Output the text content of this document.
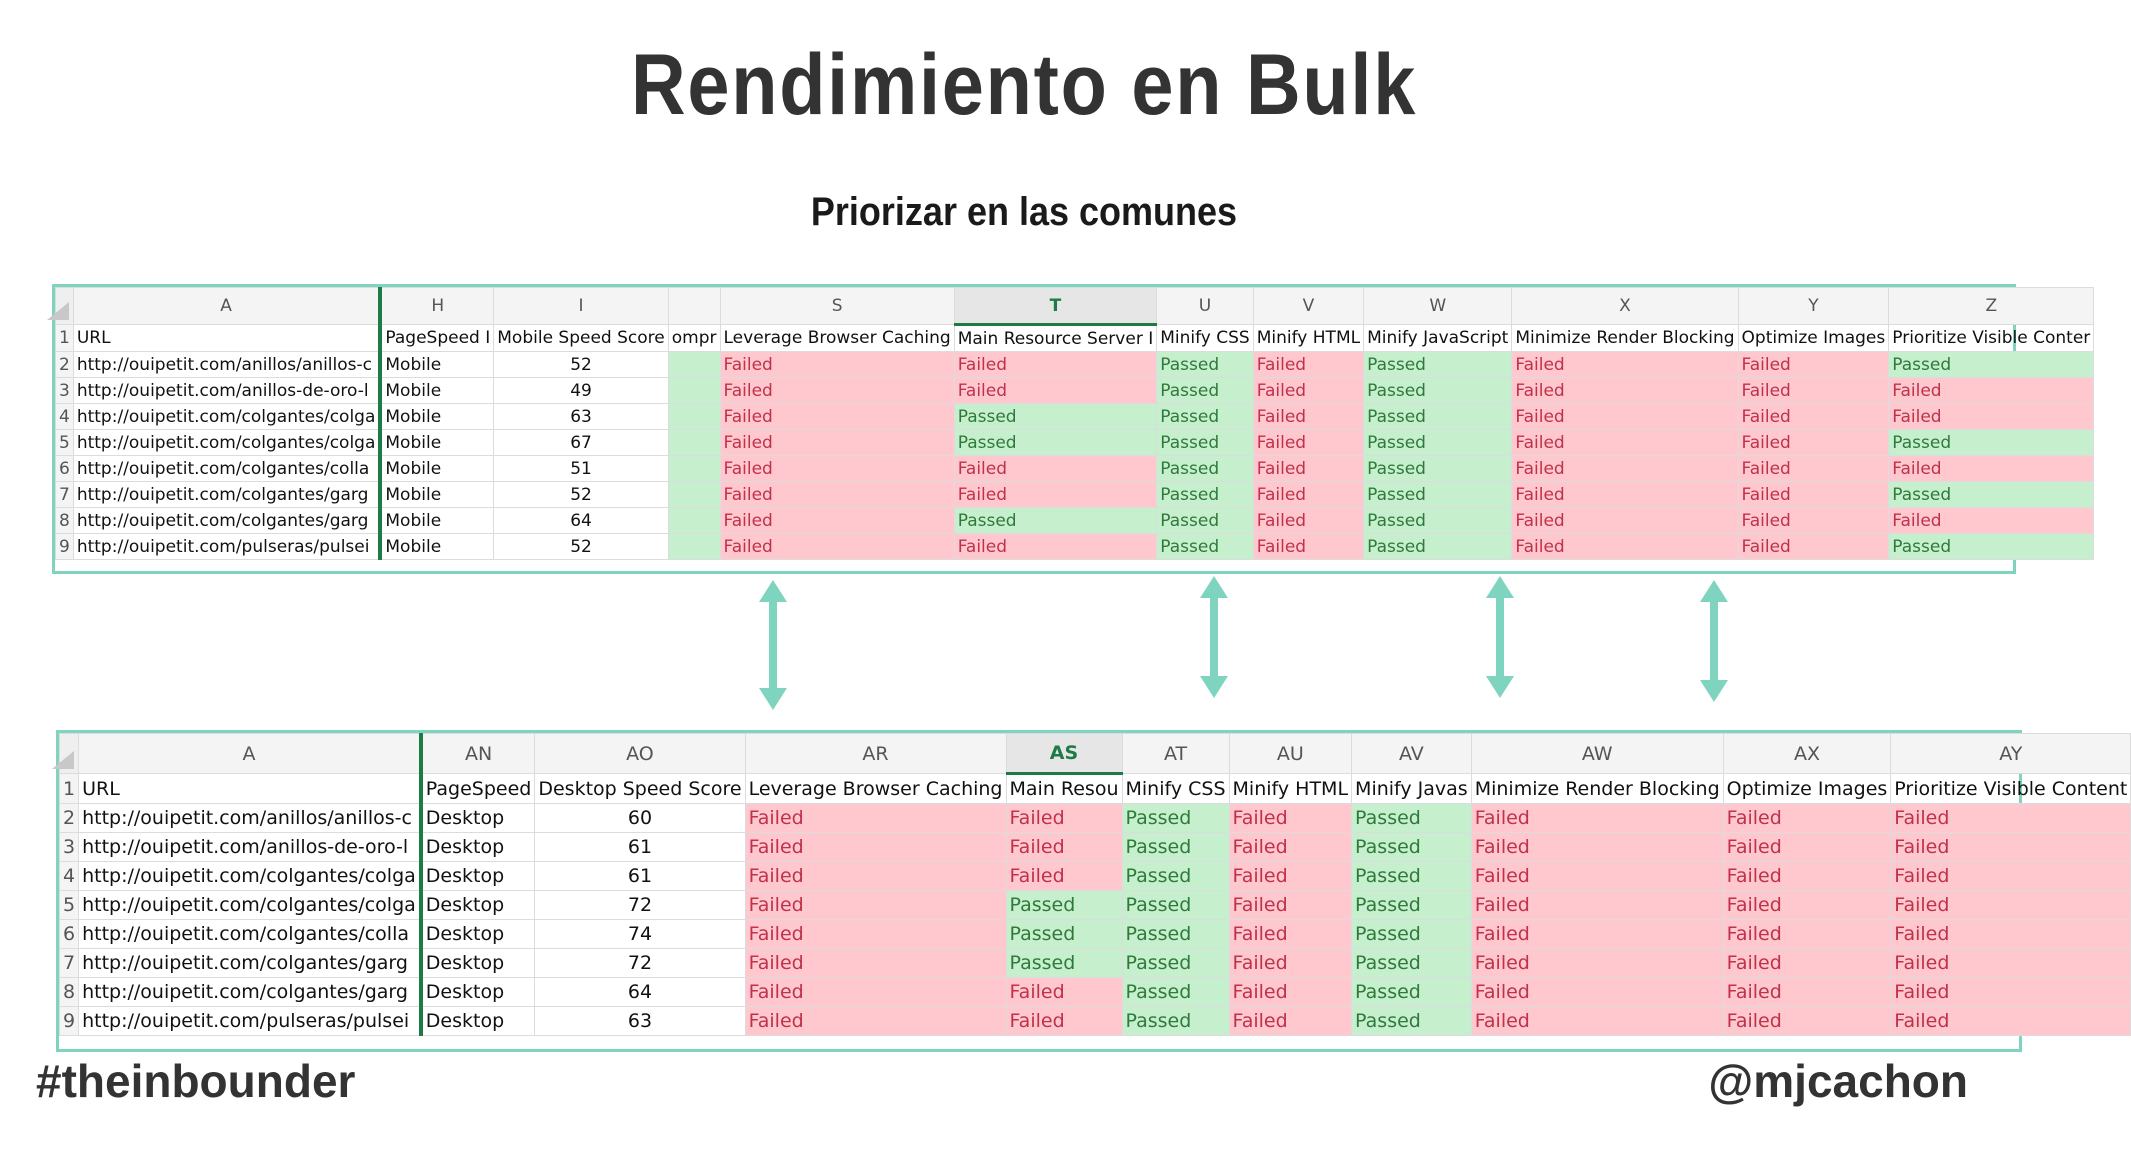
Rendimiento en Bulk
Priorizar en las comunes
	A	H	I		S	T	U	V	W	X	Y	Z
1	URL	PageSpeed I	Mobile Speed Score	ompr	Leverage Browser Caching	Main Resource Server I	Minify CSS	Minify HTML	Minify JavaScript	Minimize Render Blocking	Optimize Images	Prioritize Visible Conter
2	http://ouipetit.com/anillos/anillos-c	Mobile	52		Failed	Failed	Passed	Failed	Passed	Failed	Failed	Passed
3	http://ouipetit.com/anillos-de-oro-l	Mobile	49		Failed	Failed	Passed	Failed	Passed	Failed	Failed	Failed
4	http://ouipetit.com/colgantes/colga	Mobile	63		Failed	Passed	Passed	Failed	Passed	Failed	Failed	Failed
5	http://ouipetit.com/colgantes/colga	Mobile	67		Failed	Passed	Passed	Failed	Passed	Failed	Failed	Passed
6	http://ouipetit.com/colgantes/colla	Mobile	51		Failed	Failed	Passed	Failed	Passed	Failed	Failed	Failed
7	http://ouipetit.com/colgantes/garg	Mobile	52		Failed	Failed	Passed	Failed	Passed	Failed	Failed	Passed
8	http://ouipetit.com/colgantes/garg	Mobile	64		Failed	Passed	Passed	Failed	Passed	Failed	Failed	Failed
9	http://ouipetit.com/pulseras/pulsei	Mobile	52		Failed	Failed	Passed	Failed	Passed	Failed	Failed	Passed
	A	AN	AO	AR	AS	AT	AU	AV	AW	AX	AY
1	URL	PageSpeed	Desktop Speed Score	Leverage Browser Caching	Main Resou	Minify CSS	Minify HTML	Minify Javas	Minimize Render Blocking	Optimize Images	Prioritize Visible Content
2	http://ouipetit.com/anillos/anillos-c	Desktop	60	Failed	Failed	Passed	Failed	Passed	Failed	Failed	Failed
3	http://ouipetit.com/anillos-de-oro-l	Desktop	61	Failed	Failed	Passed	Failed	Passed	Failed	Failed	Failed
4	http://ouipetit.com/colgantes/colga	Desktop	61	Failed	Failed	Passed	Failed	Passed	Failed	Failed	Failed
5	http://ouipetit.com/colgantes/colga	Desktop	72	Failed	Passed	Passed	Failed	Passed	Failed	Failed	Failed
6	http://ouipetit.com/colgantes/colla	Desktop	74	Failed	Passed	Passed	Failed	Passed	Failed	Failed	Failed
7	http://ouipetit.com/colgantes/garg	Desktop	72	Failed	Passed	Passed	Failed	Passed	Failed	Failed	Failed
8	http://ouipetit.com/colgantes/garg	Desktop	64	Failed	Failed	Passed	Failed	Passed	Failed	Failed	Failed
9	http://ouipetit.com/pulseras/pulsei	Desktop	63	Failed	Failed	Passed	Failed	Passed	Failed	Failed	Failed
#theinbounder	@mjcachon
